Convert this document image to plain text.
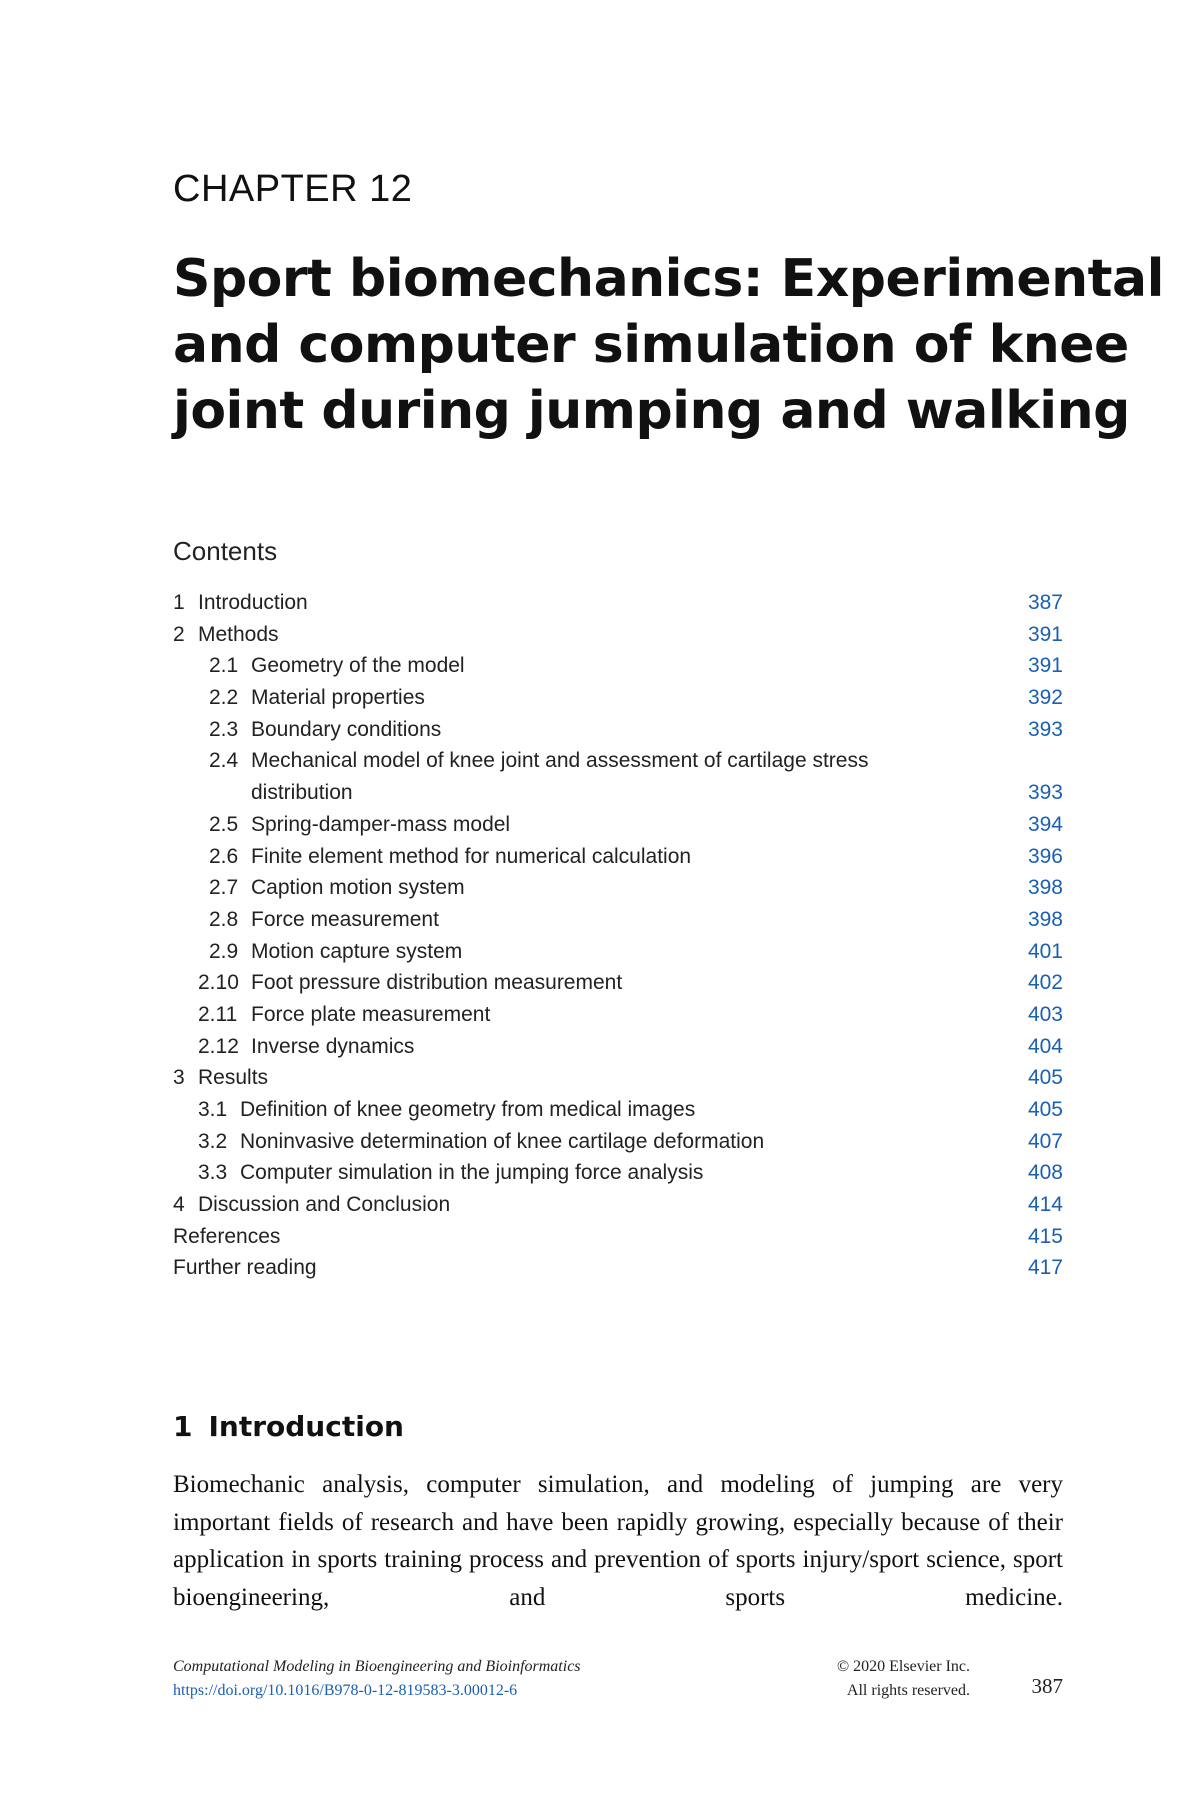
CHAPTER 12
Sport biomechanics: Experimental
and computer simulation of knee
joint during jumping and walking
Contents
1 Introduction	387
2 Methods	391
2.1 Geometry of the model	391
2.2 Material properties	392
2.3 Boundary conditions	393
2.4 Mechanical model of knee joint and assessment of cartilage stress
distribution	393
2.5 Spring-damper-mass model	394
2.6 Finite element method for numerical calculation	396
2.7 Caption motion system	398
2.8 Force measurement	398
2.9 Motion capture system	401
2.10 Foot pressure distribution measurement	402
2.11 Force plate measurement	403
2.12 Inverse dynamics	404
3 Results	405
3.1 Definition of knee geometry from medical images	405
3.2 Noninvasive determination of knee cartilage deformation	407
3.3 Computer simulation in the jumping force analysis	408
4 Discussion and Conclusion	414
References	415
Further reading	417
1 Introduction

Biomechanic analysis, computer simulation, and modeling of jumping are very important fields of research and have been rapidly growing, especially because of their application in sports training process and prevention of sports injury/sport science, sport bioengineering, and sports medicine.

Computational Modeling in Bioengineering and Bioinformatics
https://doi.org/10.1016/B978-0-12-819583-3.00012-6
© 2020 Elsevier Inc.
All rights reserved.	387
